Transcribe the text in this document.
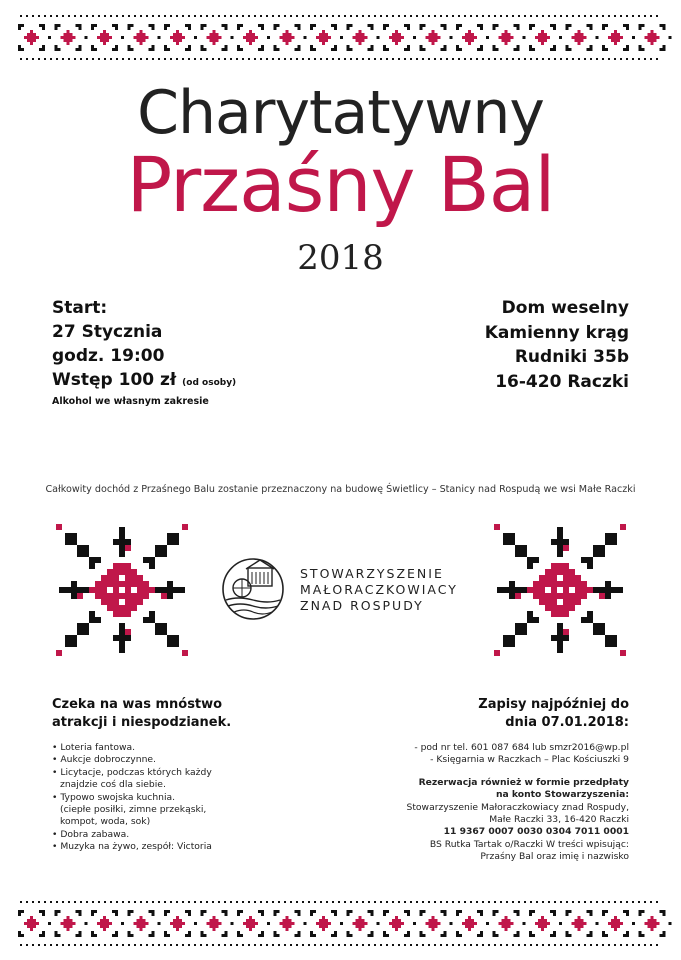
Charytatywny
Przaśny Bal
2018
Start:
27 Stycznia
godz. 19:00
Wstęp 100 zł (od osoby)
Alkohol we własnym zakresie
Dom weselny
Kamienny krąg
Rudniki 35b
16-420 Raczki
Całkowity dochód z Przaśnego Balu zostanie przeznaczony na budowę Świetlicy – Stanicy nad Rospudą we wsi Małe Raczki
STOWARZYSZENIE
MAŁORACZKOWIACY
ZNAD ROSPUDY
Czeka na was mnóstwo
atrakcji i niespodzianek.
• Loteria fantowa.
• Aukcje dobroczynne.
• Licytacje, podczas których każdy
znajdzie coś dla siebie.
• Typowo swojska kuchnia.
(ciepłe posiłki, zimne przekąski,
kompot, woda, sok)
• Dobra zabawa.
• Muzyka na żywo, zespół: Victoria
Zapisy najpóźniej do
dnia 07.01.2018:
- pod nr tel. 601 087 684 lub smzr2016@wp.pl
- Księgarnia w Raczkach – Plac Kościuszki 9
Rezerwacja również w formie przedpłaty
na konto Stowarzyszenia:
Stowarzyszenie Małoraczkowiacy znad Rospudy,
Małe Raczki 33, 16-420 Raczki
11 9367 0007 0030 0304 7011 0001
BS Rutka Tartak o/Raczki W treści wpisując:
Przaśny Bal oraz imię i nazwisko
